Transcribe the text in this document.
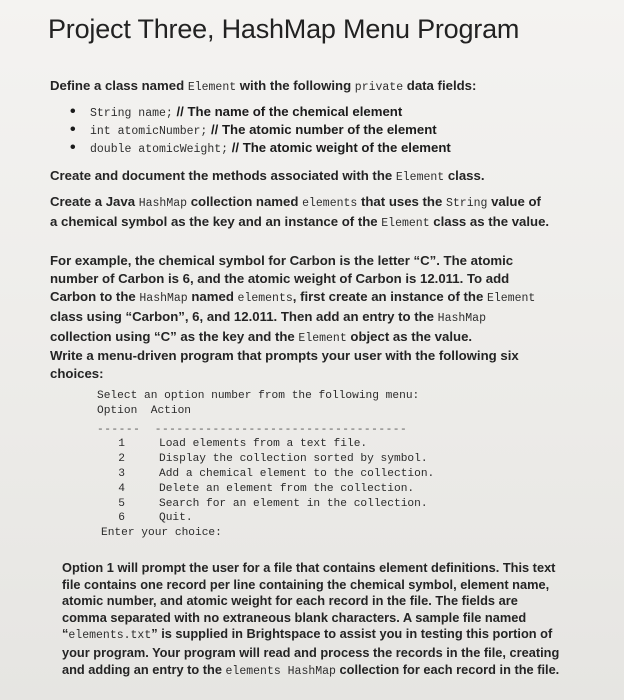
Project Three, HashMap Menu Program
Define a class named Element with the following private data fields:
• String name; // The name of the chemical element
• int atomicNumber; // The atomic number of the element
• double atomicWeight; // The atomic weight of the element
Create and document the methods associated with the Element class.
Create a Java HashMap collection named elements that uses the String value of a chemical symbol as the key and an instance of the Element class as the value.
For example, the chemical symbol for Carbon is the letter “C”. The atomic number of Carbon is 6, and the atomic weight of Carbon is 12.011. To add Carbon to the HashMap named elements, first create an instance of the Element class using “Carbon”, 6, and 12.011. Then add an entry to the HashMap collection using “C” as the key and the Element object as the value.
Write a menu-driven program that prompts your user with the following six choices:
Select an option number from the following menu:
Option Action
------ -----------------------------------
1	Load elements from a text file.
2	Display the collection sorted by symbol.
3	Add a chemical element to the collection.
4	Delete an element from the collection.
5	Search for an element in the collection.
6	Quit.
Enter your choice:
Option 1 will prompt the user for a file that contains element definitions. This text file contains one record per line containing the chemical symbol, element name, atomic number, and atomic weight for each record in the file. The fields are comma separated with no extraneous blank characters. A sample file named “elements.txt” is supplied in Brightspace to assist you in testing this portion of your program. Your program will read and process the records in the file, creating and adding an entry to the elements HashMap collection for each record in the file.
